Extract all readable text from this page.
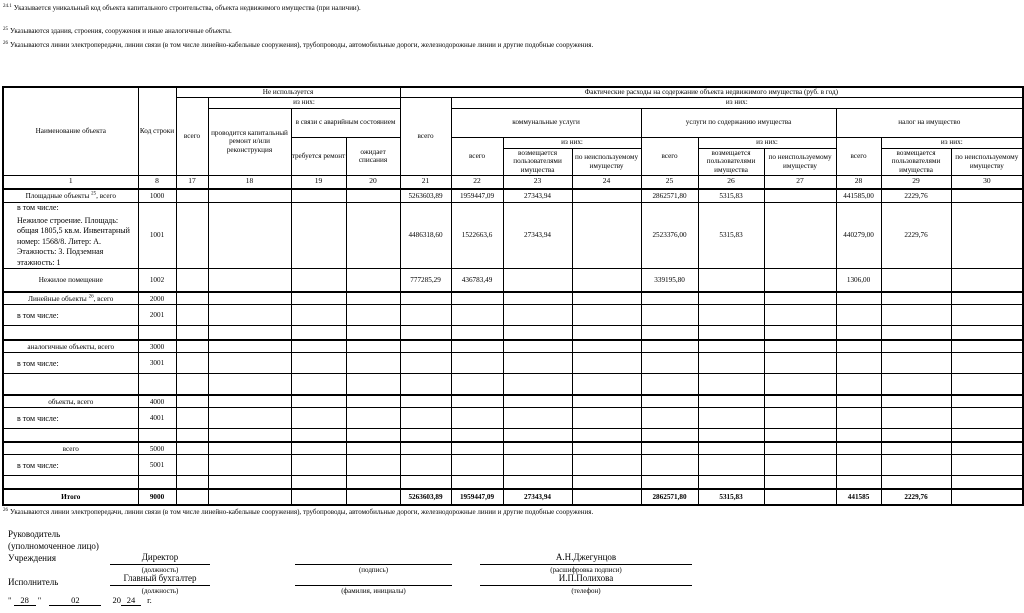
$^{24.1}$ Указывается уникальный код объекта капитального строительства, объекта недвижимого имущества (при наличии).
$^{25}$ Указываются здания, строения, сооружения и иные аналогичные объекты.
$^{26}$ Указываются линии электропередачи, линии связи (в том числе линейно-кабельные сооружения), трубопроводы, автомобильные дороги, железнодорожные линии и другие подобные сооружения.
Наименование объекта	Код строки	Не используется				Фактические расходы на содержание объекта недвижимого имущества (руб. в год)									
		всего	из них:			всего	из них:								
			проводится капитальный ремонт и/или реконструкция	в связи с аварийным состоянием			коммунальные услуги			услуги по содержанию имущества			налог на имущество		
				требуется ремонт	ожидает списания		всего	из них:		всего	из них:		всего	из них:	
								возмещается пользователями имущества	по неиспользуемому имуществу		возмещается пользователями имущества	по неиспользуемому имуществу		возмещается пользователями имущества	по неиспользуемому имуществу
1	8	17	18	19	20	21	22	23	24	25	26	27	28	29	30
Площадные объекты $^{25}$, всего	1000					5263603,89	1959447,09	27343,94		2862571,80	5315,83		441585,00	2229,76	

в том числе:
Нежилое строение. Площадь: общая 1805,5 кв.м. Инвентарный номер: 1568/8. Литер: А. Этажность: 3. Подземная этажность: 1	1001					4486318,60	1522663,6	27343,94		2523376,00	5315,83		440279,00	2229,76	
Нежилое помещение	1002					777285,29	436783,49			339195,80			1306,00		
Линейные объекты $^{26}$, всего	2000														

в том числе:	2001														

аналогичные объекты, всего	3000														

в том числе:	3001														

объекты, всего	4000														

в том числе:	4001														

всего	5000														

в том числе:	5001														

Итого	9000					5263603,89	1959447,09	27343,94		2862571,80	5315,83		441585	2229,76	
$^{26}$ Указываются линии электропередачи, линии связи (в том числе линейно-кабельные сооружения), трубопроводы, автомобильные дороги, железнодорожные линии и другие подобные сооружения.
Руководитель
(уполномоченное лицо)
Учреждения	Директор
(должность)	(подпись)
А.Н.Джегунцов
(расшифровка подписи)
Исполнитель	Главный бухгалтер
(должность)	(фамилия, инициалы)
И.П.Полихова
(телефон)
" 28 "	02	20 24 г.
